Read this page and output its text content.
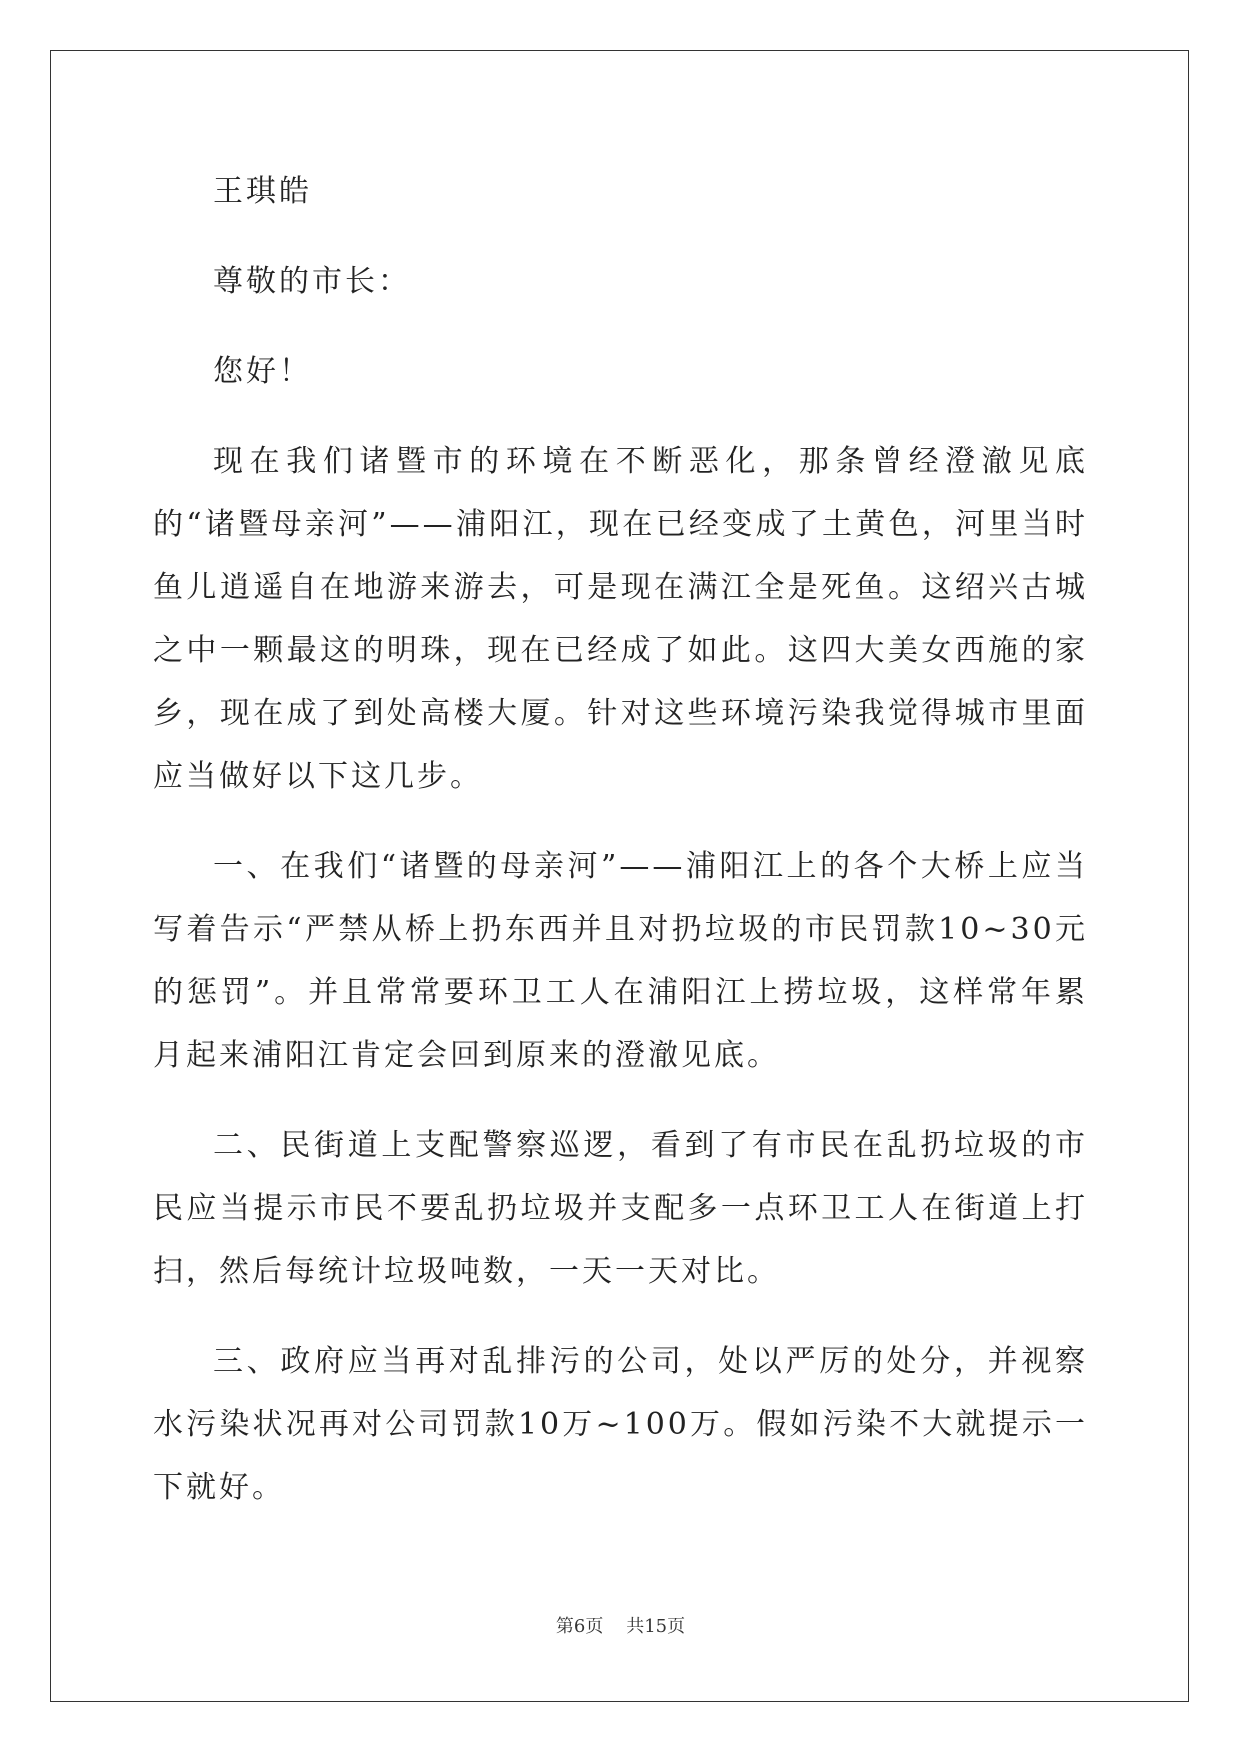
王琪皓

尊敬的市长：

您好！

现在我们诸暨市的环境在不断恶化，那条曾经澄澈见底的“诸暨母亲河”——浦阳江，现在已经变成了土黄色，河里当时鱼儿逍遥自在地游来游去，可是现在满江全是死鱼。这绍兴古城之中一颗最这的明珠，现在已经成了如此。这四大美女西施的家乡，现在成了到处高楼大厦。针对这些环境污染我觉得城市里面应当做好以下这几步。

一、在我们“诸暨的母亲河”——浦阳江上的各个大桥上应当写着告示“严禁从桥上扔东西并且对扔垃圾的市民罚款10~30元的惩罚”。并且常常要环卫工人在浦阳江上捞垃圾，这样常年累月起来浦阳江肯定会回到原来的澄澈见底。

二、民街道上支配警察巡逻，看到了有市民在乱扔垃圾的市民应当提示市民不要乱扔垃圾并支配多一点环卫工人在街道上打扫，然后每统计垃圾吨数，一天一天对比。

三、政府应当再对乱排污的公司，处以严厉的处分，并视察水污染状况再对公司罚款10万~100万。假如污染不大就提示一下就好。

第6页    共15页
